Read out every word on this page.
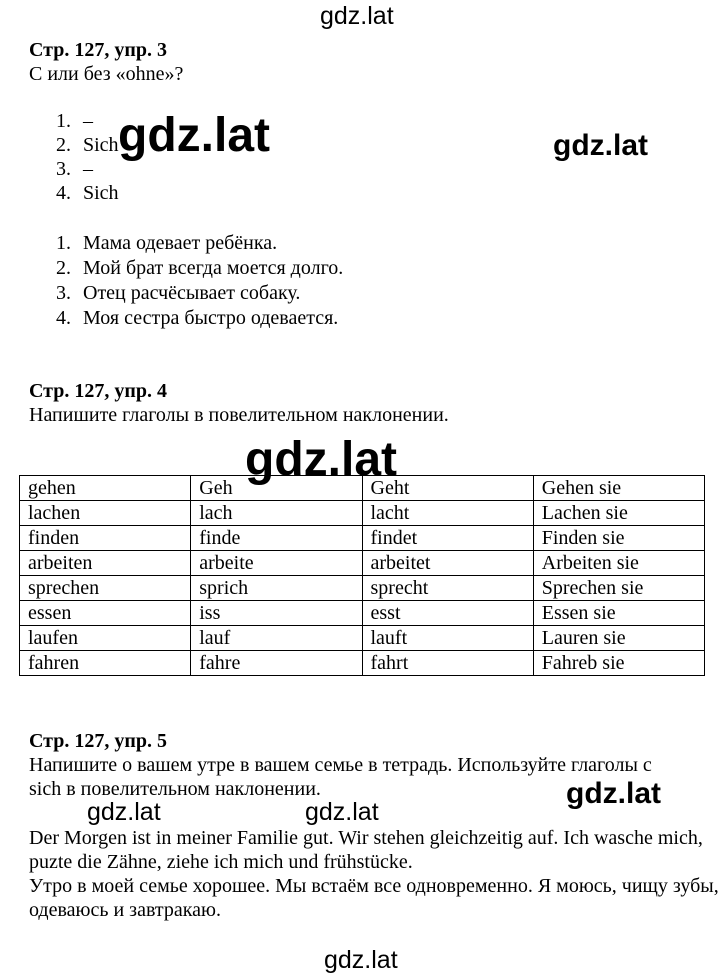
gdz.lat
Стр. 127, упр. 3
С или без «ohne»?
1. –
2. Sich
3. –
4. Sich
1. Мама одевает ребёнка.
2. Мой брат всегда моется долго.
3. Отец расчёсывает собаку.
4. Моя сестра быстро одевается.
gdz.lat	gdz.lat
Стр. 127, упр. 4
Напишите глаголы в повелительном наклонении.
gehen	Geh	Geht	Gehen sie
lachen	lach	lacht	Lachen sie
finden	finde	findet	Finden sie
arbeiten	arbeite	arbeitet	Arbeiten sie
sprechen	sprich	sprecht	Sprechen sie
essen	iss	esst	Essen sie
laufen	lauf	lauft	Lauren sie
fahren	fahre	fahrt	Fahreb sie
gdz.lat
Стр. 127, упр. 5
Напишите о вашем утре в вашем семье в тетрадь. Используйте глаголы с
sich в повелительном наклонении.
gdz.lat	gdz.lat
gdz.lat
Der Morgen ist in meiner Familie gut. Wir stehen gleichzeitig auf. Ich wasche mich, puzte die Zähne, ziehe ich mich und frühstücke.
Утро в моей семье хорошее. Мы встаём все одновременно. Я моюсь, чищу зубы, одеваюсь и завтракаю.
gdz.lat
